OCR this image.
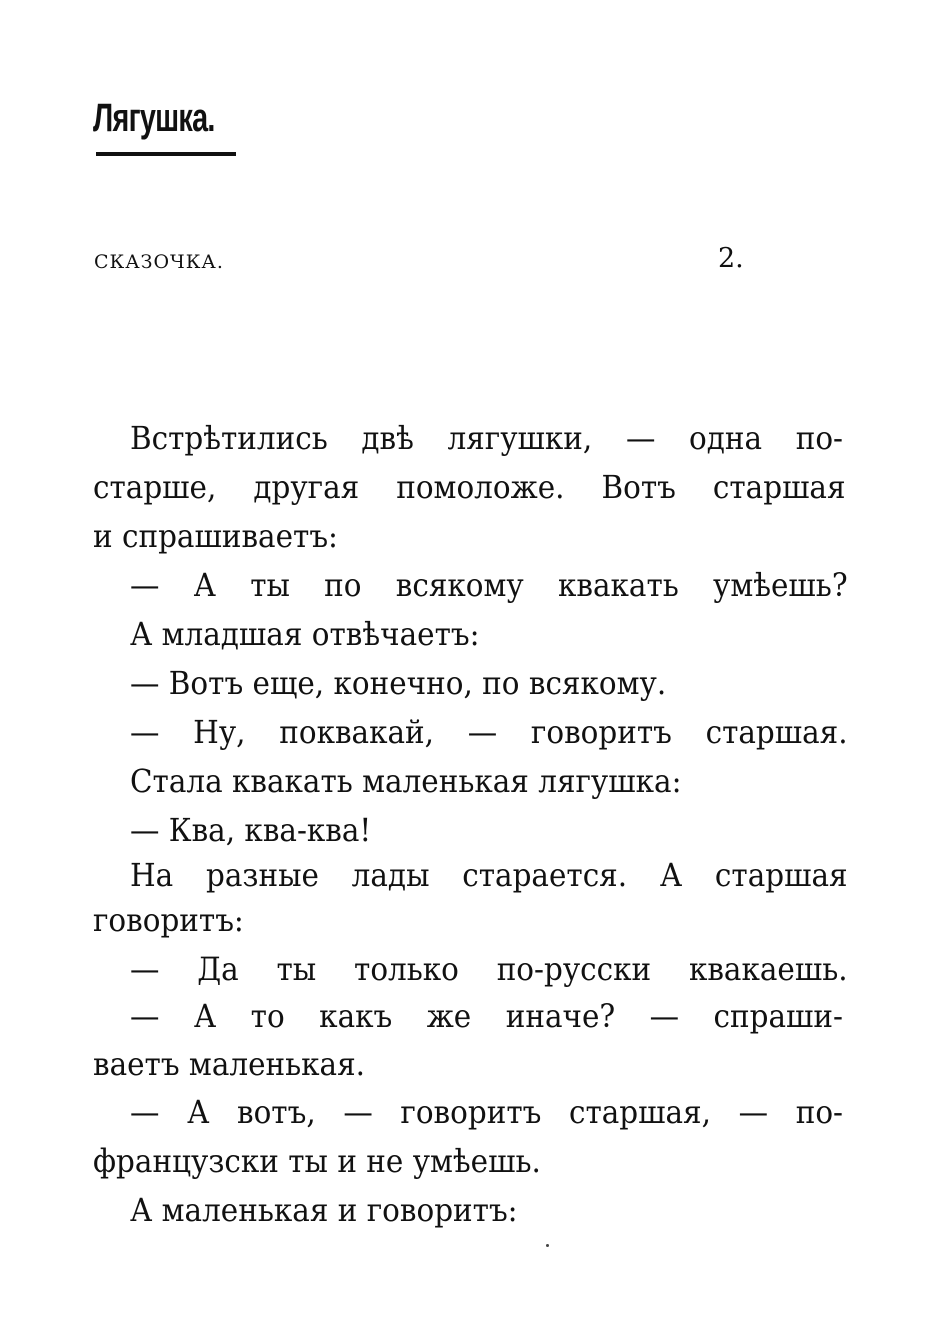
Лягушка.
СКАЗОЧКА.	2.
Встрѣтились двѣ лягушки, — одна по-
старше, другая помоложе. Вотъ старшая
и спрашиваетъ:
— А ты по всякому квакать умѣешь?
А младшая отвѣчаетъ:
— Вотъ еще, конечно, по всякому.
— Ну, поквакай, — говоритъ старшая.
Стала квакать маленькая лягушка:
— Ква, ква-ква!
На разные лады старается. А старшая
говоритъ:
— Да ты только по-русски квакаешь.
— А то какъ же иначе? — спраши-
ваетъ маленькая.
— А вотъ, — говоритъ старшая, — по-
французски ты и не умѣешь.
А маленькая и говоритъ:
